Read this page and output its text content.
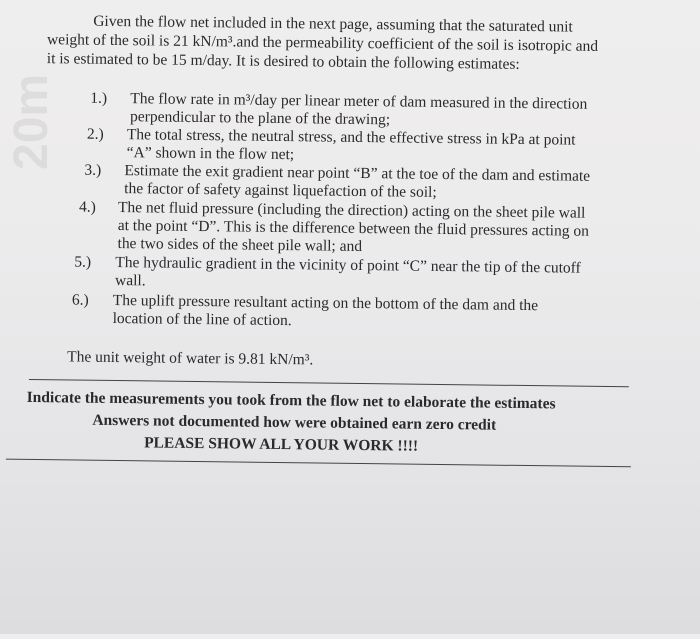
20m
Given the flow net included in the next page, assuming that the saturated unit
weight of the soil is 21 kN/m³.and the permeability coefficient of the soil is isotropic and
it is estimated to be 15 m/day. It is desired to obtain the following estimates:
1.) The flow rate in m³/day per linear meter of dam measured in the direction
perpendicular to the plane of the drawing;
2.) The total stress, the neutral stress, and the effective stress in kPa at point
“A” shown in the flow net;
3.) Estimate the exit gradient near point “B” at the toe of the dam and estimate
the factor of safety against liquefaction of the soil;
4.) The net fluid pressure (including the direction) acting on the sheet pile wall
at the point “D”. This is the difference between the fluid pressures acting on
the two sides of the sheet pile wall; and
5.) The hydraulic gradient in the vicinity of point “C” near the tip of the cutoff
wall.
6.) The uplift pressure resultant acting on the bottom of the dam and the
location of the line of action.
The unit weight of water is 9.81 kN/m³.
Indicate the measurements you took from the flow net to elaborate the estimates
Answers not documented how were obtained earn zero credit
PLEASE SHOW ALL YOUR WORK !!!!
